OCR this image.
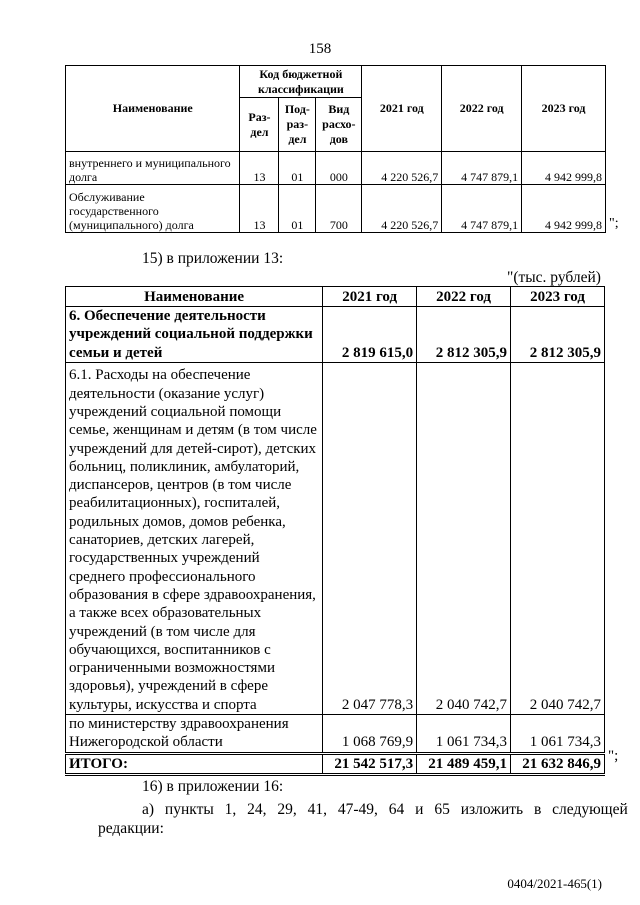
158
Наименование	Код бюджетной классификации			2021 год	2022 год	2023 год
	Раз-дел	Под-раз-дел	Вид расхо-дов			
внутреннего и муниципального долга	13	01	000	4 220 526,7	4 747 879,1	4 942 999,8
Обслуживание государственного (муниципального) долга	13	01	700	4 220 526,7	4 747 879,1	4 942 999,8 ";
15) в приложении 13:
"(тыс. рублей)
Наименование	2021 год	2022 год	2023 год
6. Обеспечение деятельности учреждений социальной поддержки семьи и детей	2 819 615,0	2 812 305,9	2 812 305,9
6.1. Расходы на обеспечение деятельности (оказание услуг) учреждений социальной помощи семье, женщинам и детям (в том числе учреждений для детей-сирот), детских больниц, поликлиник, амбулаторий, диспансеров, центров (в том числе реабилитационных), госпиталей, родильных домов, домов ребенка, санаториев, детских лагерей, государственных учреждений среднего профессионального образования в сфере здравоохранения, а также всех образовательных учреждений (в том числе для обучающихся, воспитанников с ограниченными возможностями здоровья), учреждений в сфере культуры, искусства и спорта	2 047 778,3	2 040 742,7	2 040 742,7
по министерству здравоохранения Нижегородской области	1 068 769,9	1 061 734,3	1 061 734,3
ИТОГО:	21 542 517,3	21 489 459,1	21 632 846,9 ";
16) в приложении 16:
а) пункты 1, 24, 29, 41, 47-49, 64 и 65 изложить в следующей
редакции:
0404/2021-465(1)
